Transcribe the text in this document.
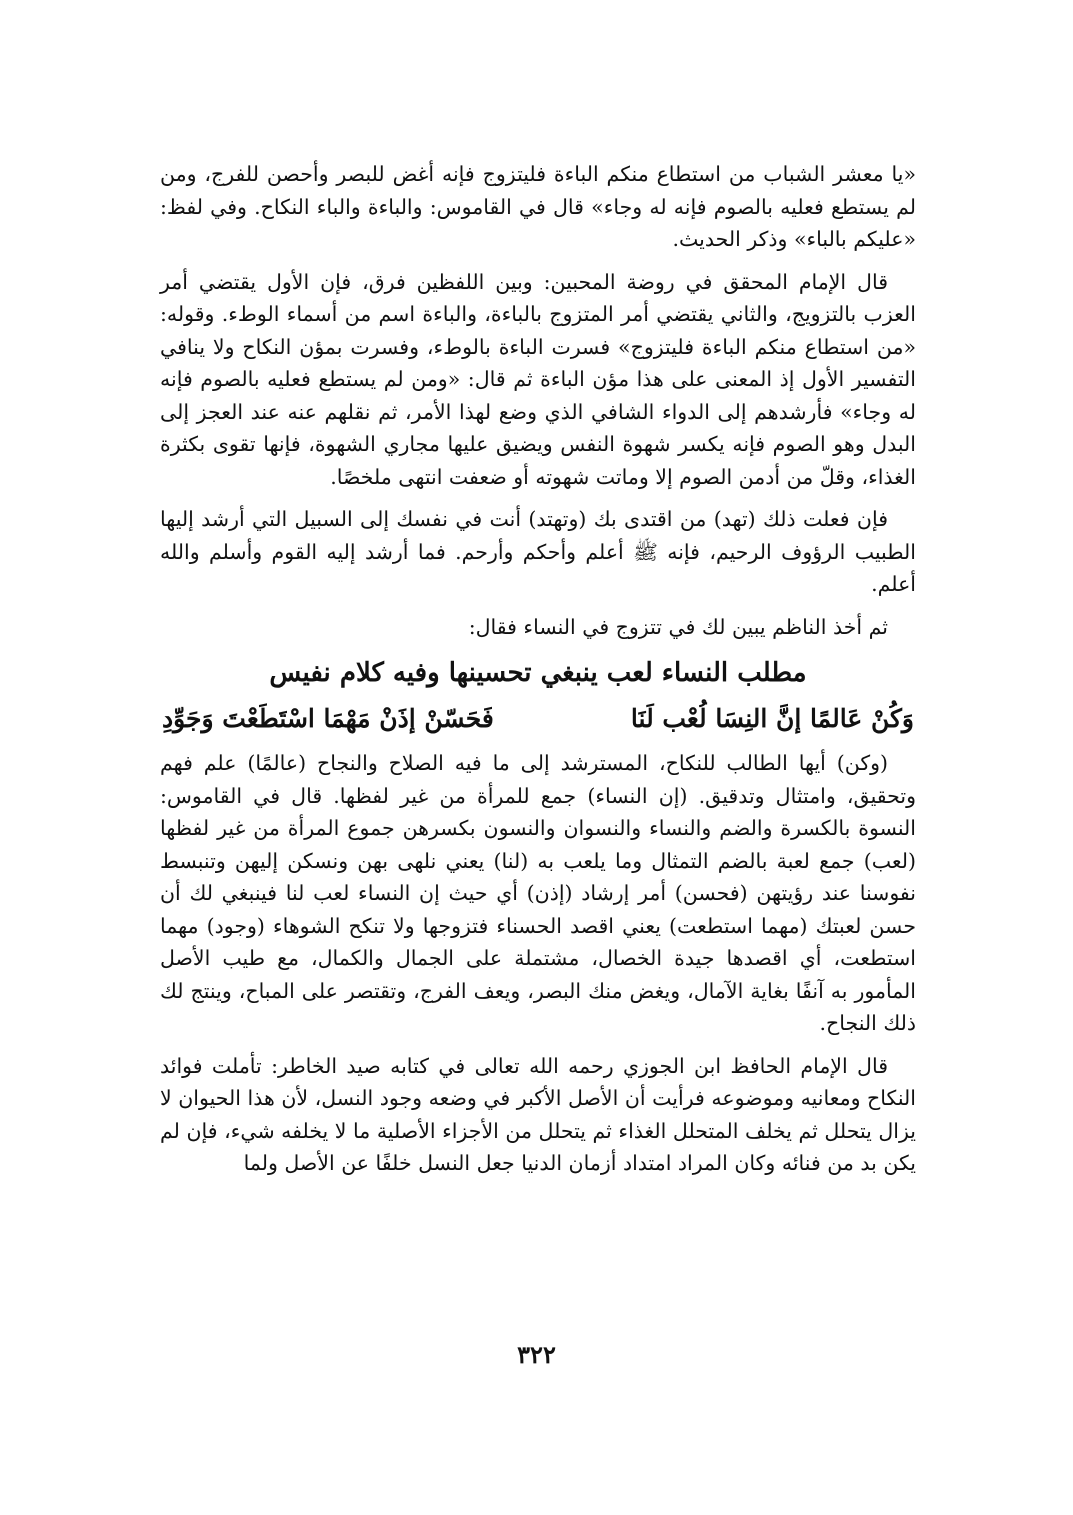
«يا معشر الشباب من استطاع منكم الباءة فليتزوج فإنه أغض للبصر وأحصن للفرج، ومن لم يستطع فعليه بالصوم فإنه له وجاء» قال في القاموس: والباءة والباء النكاح. وفي لفظ: «عليكم بالباء» وذكر الحديث.

قال الإمام المحقق في روضة المحبين: وبين اللفظين فرق، فإن الأول يقتضي أمر العزب بالتزويج، والثاني يقتضي أمر المتزوج بالباءة، والباءة اسم من أسماء الوطء. وقوله: «من استطاع منكم الباءة فليتزوج» فسرت الباءة بالوطء، وفسرت بمؤن النكاح ولا ينافي التفسير الأول إذ المعنى على هذا مؤن الباءة ثم قال: «ومن لم يستطع فعليه بالصوم فإنه له وجاء» فأرشدهم إلى الدواء الشافي الذي وضع لهذا الأمر، ثم نقلهم عنه عند العجز إلى البدل وهو الصوم فإنه يكسر شهوة النفس ويضيق عليها مجاري الشهوة، فإنها تقوى بكثرة الغذاء، وقلّ من أدمن الصوم إلا وماتت شهوته أو ضعفت انتهى ملخصًا.

فإن فعلت ذلك (تهد) من اقتدى بك (وتهتد) أنت في نفسك إلى السبيل التي أرشد إليها الطبيب الرؤوف الرحيم، فإنه ﷺ أعلم وأحكم وأرحم. فما أرشد إليه القوم وأسلم والله أعلم.

ثم أخذ الناظم يبين لك في تتزوج في النساء فقال:

مطلب النساء لعب ينبغي تحسينها وفيه كلام نفيس
وَكُنْ عَالمًا إنَّ النِسَا لُعْب لَنَا
فَحَسّنْ إذَنْ مَهْمَا اسْتَطَعْتَ وَجَوِّدِ

(وكن) أيها الطالب للنكاح، المسترشد إلى ما فيه الصلاح والنجاح (عالمًا) علم فهم وتحقيق، وامتثال وتدقيق. (إن النساء) جمع للمرأة من غير لفظها. قال في القاموس: النسوة بالكسرة والضم والنساء والنسوان والنسون بكسرهن جموع المرأة من غير لفظها (لعب) جمع لعبة بالضم التمثال وما يلعب به (لنا) يعني نلهى بهن ونسكن إليهن وتنبسط نفوسنا عند رؤيتهن (فحسن) أمر إرشاد (إذن) أي حيث إن النساء لعب لنا فينبغي لك أن حسن لعبتك (مهما استطعت) يعني اقصد الحسناء فتزوجها ولا تنكح الشوهاء (وجود) مهما استطعت، أي اقصدها جيدة الخصال، مشتملة على الجمال والكمال، مع طيب الأصل المأمور به آنفًا بغاية الآمال، ويغض منك البصر، ويعف الفرج، وتقتصر على المباح، وينتج لك ذلك النجاح.

قال الإمام الحافظ ابن الجوزي رحمه الله تعالى في كتابه صيد الخاطر: تأملت فوائد النكاح ومعانيه وموضوعه فرأيت أن الأصل الأكبر في وضعه وجود النسل، لأن هذا الحيوان لا يزال يتحلل ثم يخلف المتحلل الغذاء ثم يتحلل من الأجزاء الأصلية ما لا يخلفه شيء، فإن لم يكن بد من فنائه وكان المراد امتداد أزمان الدنيا جعل النسل خلفًا عن الأصل ولما

٣٢٢
